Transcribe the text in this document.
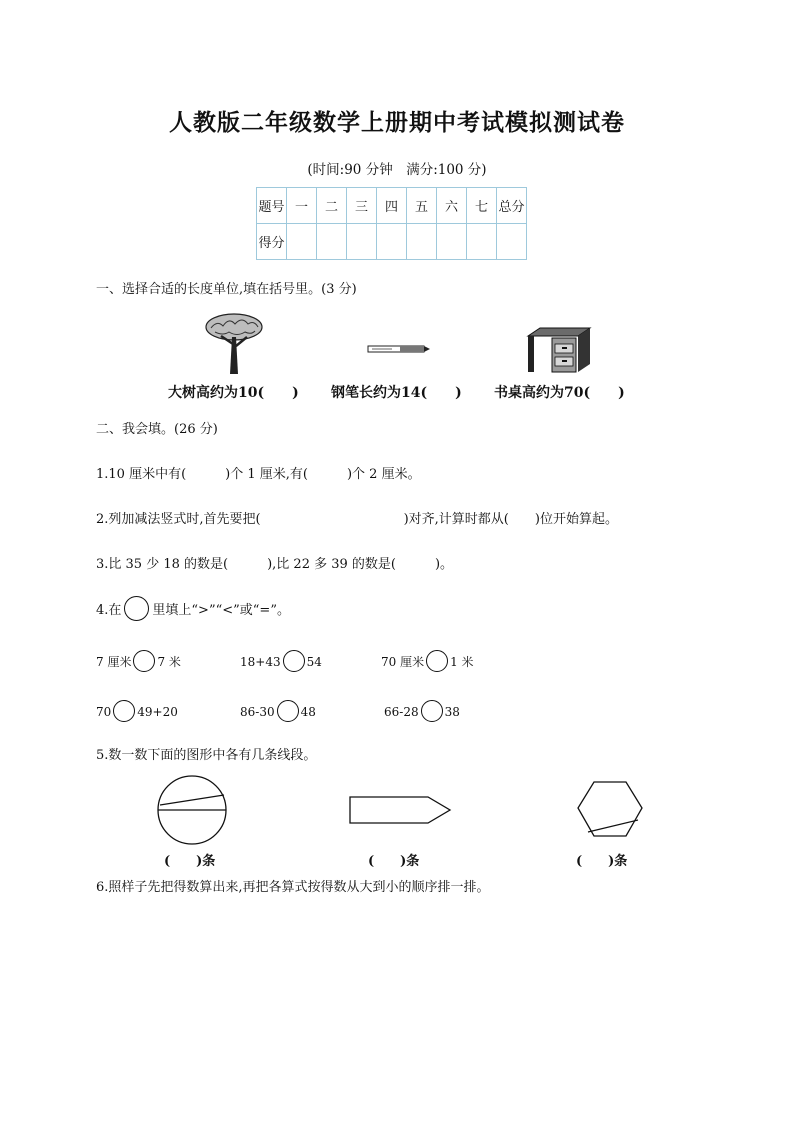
人教版二年级数学上册期中考试模拟测试卷
(时间:90 分钟　满分:100 分)
题号	一	二	三	四	五	六	七	总分
得分								
一、选择合适的长度单位,填在括号里。(3 分)
大树高约为10(　　) 钢笔长约为14(　　) 书桌高约为70(　　)
二、我会填。(26 分)
1.10 厘米中有(　　　)个 1 厘米,有(　　　)个 2 厘米。
2.列加减法竖式时,首先要把(　　　　　　　　　　　)对齐,计算时都从(　　)位开始算起。
3.比 35 少 18 的数是(　　　),比 22 多 39 的数是(　　　)。
4.在 里填上“>”“<”或“=”。
7 厘米 7 米	18+43 54	70 厘米 1 米
70 49+20	86-30 48	66-28 38
5.数一数下面的图形中各有几条线段。
(　　)条	(　　)条	(　　)条
6.照样子先把得数算出来,再把各算式按得数从大到小的顺序排一排。
